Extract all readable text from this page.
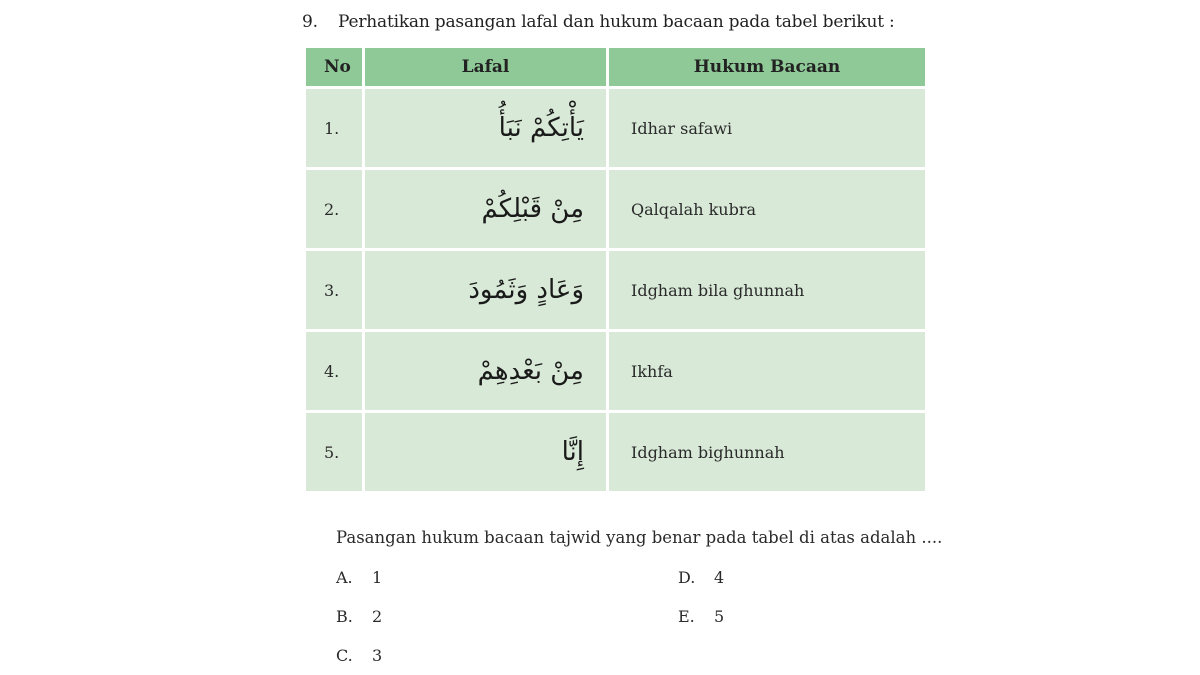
9. Perhatikan pasangan lafal dan hukum bacaan pada tabel berikut :
No	Lafal	Hukum Bacaan
1.	يَأْتِكُمْ نَبَأُ	Idhar safawi
2.	مِنْ قَبْلِكُمْ	Qalqalah kubra
3.	وَعَادٍ وَثَمُودَ	Idgham bila ghunnah
4.	مِنْ بَعْدِهِمْ	Ikhfa
5.	إِنَّا	Idgham bighunnah
Pasangan hukum bacaan tajwid yang benar pada tabel di atas adalah ....
A. 1
B. 2
C. 3
D. 4
E. 5
